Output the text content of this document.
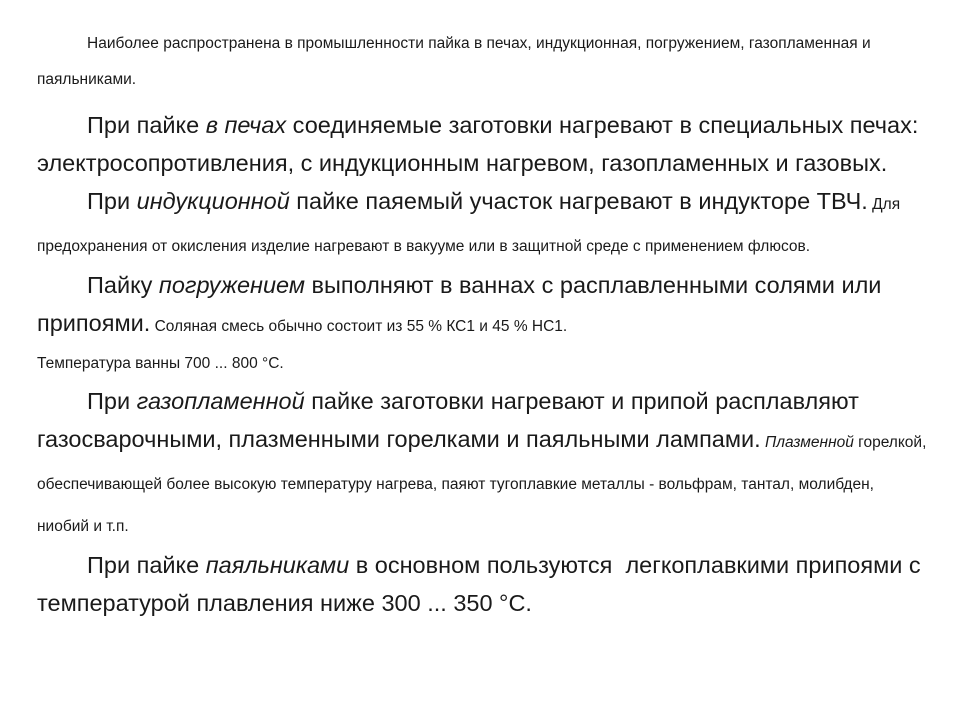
Наиболее распространена в промышленности пайка в печах, индукционная, погружением, газопламенная и паяльниками.

При пайке в печах соединяемые заготовки нагревают в специальных печах: электросопротивления, с индукционным нагревом, газопламенных и газовых.

При индукционной пайке паяемый участок нагревают в индукторе ТВЧ. Для предохранения от окисления изделие нагревают в вакууме или в защитной среде с применением флюсов.

Пайку погружением выполняют в ваннах с расплавленными солями или припоями. Соляная смесь обычно состоит из 55 % КС1 и 45 % НС1.
Температура ванны 700 ... 800 °С.

При газопламенной пайке заготовки нагревают и припой расплавляют газосварочными, плазменными горелками и паяльными лампами. Плазменной горелкой, обеспечивающей более высокую температуру нагрева, паяют тугоплавкие металлы - вольфрам, тантал, молибден, ниобий и т.п.

При пайке паяльниками в основном пользуются  легкоплавкими припоями с температурой плавления ниже 300 ... 350 °С.
